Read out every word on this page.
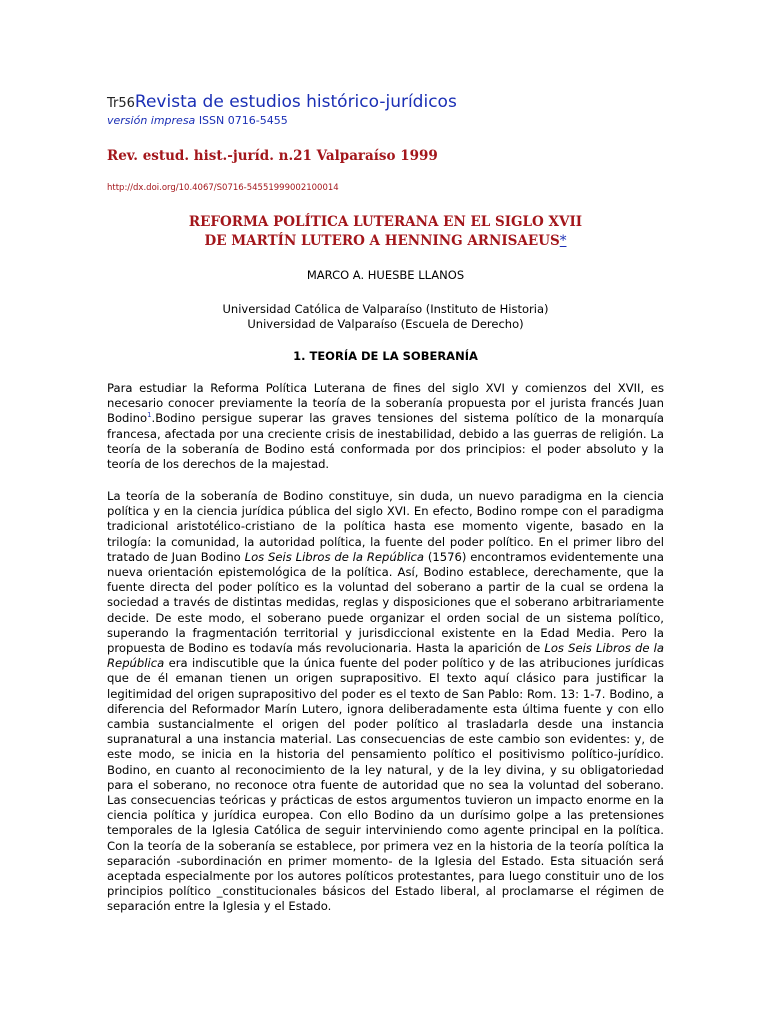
Tr56Revista de estudios histórico-jurídicos
versión impresa ISSN 0716-5455
Rev. estud. hist.-juríd. n.21 Valparaíso 1999
http://dx.doi.org/10.4067/S0716-54551999002100014
REFORMA POLÍTICA LUTERANA EN EL SIGLO XVII
DE MARTÍN LUTERO A HENNING ARNISAEUS*
MARCO A. HUESBE LLANOS
Universidad Católica de Valparaíso (Instituto de Historia)
Universidad de Valparaíso (Escuela de Derecho)
1. TEORÍA DE LA SOBERANÍA

Para estudiar la Reforma Política Luterana de fines del siglo XVI y comienzos del XVII, es necesario conocer previamente la teoría de la soberanía propuesta por el jurista francés Juan Bodino$^1$.Bodino persigue superar las graves tensiones del sistema político de la monarquía francesa, afectada por una creciente crisis de inestabilidad, debido a las guerras de religión. La teoría de la soberanía de Bodino está conformada por dos principios: el poder absoluto y la teoría de los derechos de la majestad.

La teoría de la soberanía de Bodino constituye, sin duda, un nuevo paradigma en la ciencia política y en la ciencia jurídica pública del siglo XVI. En efecto, Bodino rompe con el paradigma tradicional aristotélico-cristiano de la política hasta ese momento vigente, basado en la trilogía: la comunidad, la autoridad política, la fuente del poder político. En el primer libro del tratado de Juan Bodino Los Seis Libros de la República (1576) encontramos evidentemente una nueva orientación epistemológica de la política. Así, Bodino establece, derechamente, que la fuente directa del poder político es la voluntad del soberano a partir de la cual se ordena la sociedad a través de distintas medidas, reglas y disposiciones que el soberano arbitrariamente decide. De este modo, el soberano puede organizar el orden social de un sistema político, superando la fragmentación territorial y jurisdiccional existente en la Edad Media. Pero la propuesta de Bodino es todavía más revolucionaria. Hasta la aparición de Los Seis Libros de la República era indiscutible que la única fuente del poder político y de las atribuciones jurídicas que de él emanan tienen un origen suprapositivo. El texto aquí clásico para justificar la legitimidad del origen suprapositivo del poder es el texto de San Pablo: Rom. 13: 1-7. Bodino, a diferencia del Reformador Marín Lutero, ignora deliberadamente esta última fuente y con ello cambia sustancialmente el origen del poder político al trasladarla desde una instancia supranatural a una instancia material. Las consecuencias de este cambio son evidentes: y, de este modo, se inicia en la historia del pensamiento político el positivismo político-jurídico. Bodino, en cuanto al reconocimiento de la ley natural, y de la ley divina, y su obligatoriedad para el soberano, no reconoce otra fuente de autoridad que no sea la voluntad del soberano. Las consecuencias teóricas y prácticas de estos argumentos tuvieron un impacto enorme en la ciencia política y jurídica europea. Con ello Bodino da un durísimo golpe a las pretensiones temporales de la Iglesia Católica de seguir interviniendo como agente principal en la política. Con la teoría de la soberanía se establece, por primera vez en la historia de la teoría política la separación -subordinación en primer momento- de la Iglesia del Estado. Esta situación será aceptada especialmente por los autores políticos protestantes, para luego constituir uno de los principios político _constitucionales básicos del Estado liberal, al proclamarse el régimen de separación entre la Iglesia y el Estado.
